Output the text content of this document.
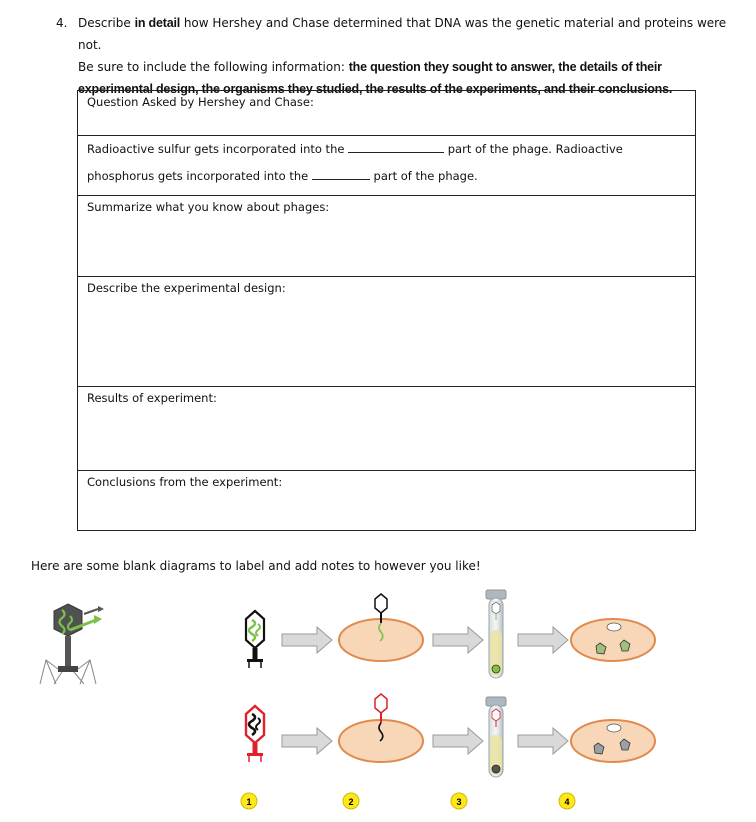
4. Describe in detail how Hershey and Chase determined that DNA was the genetic material and proteins were not.
Be sure to include the following information: the question they sought to answer, the details of their
experimental design, the organisms they studied, the results of the experiments, and their conclusions.
Question Asked by Hershey and Chase:

Radioactive sulfur gets incorporated into the	part of the phage. Radioactive
phosphorus gets incorporated into the	part of the phage.

Summarize what you know about phages:
Describe the experimental design:
Results of experiment:
Conclusions from the experiment:
Here are some blank diagrams to label and add notes to however you like!
1	2	3	4
